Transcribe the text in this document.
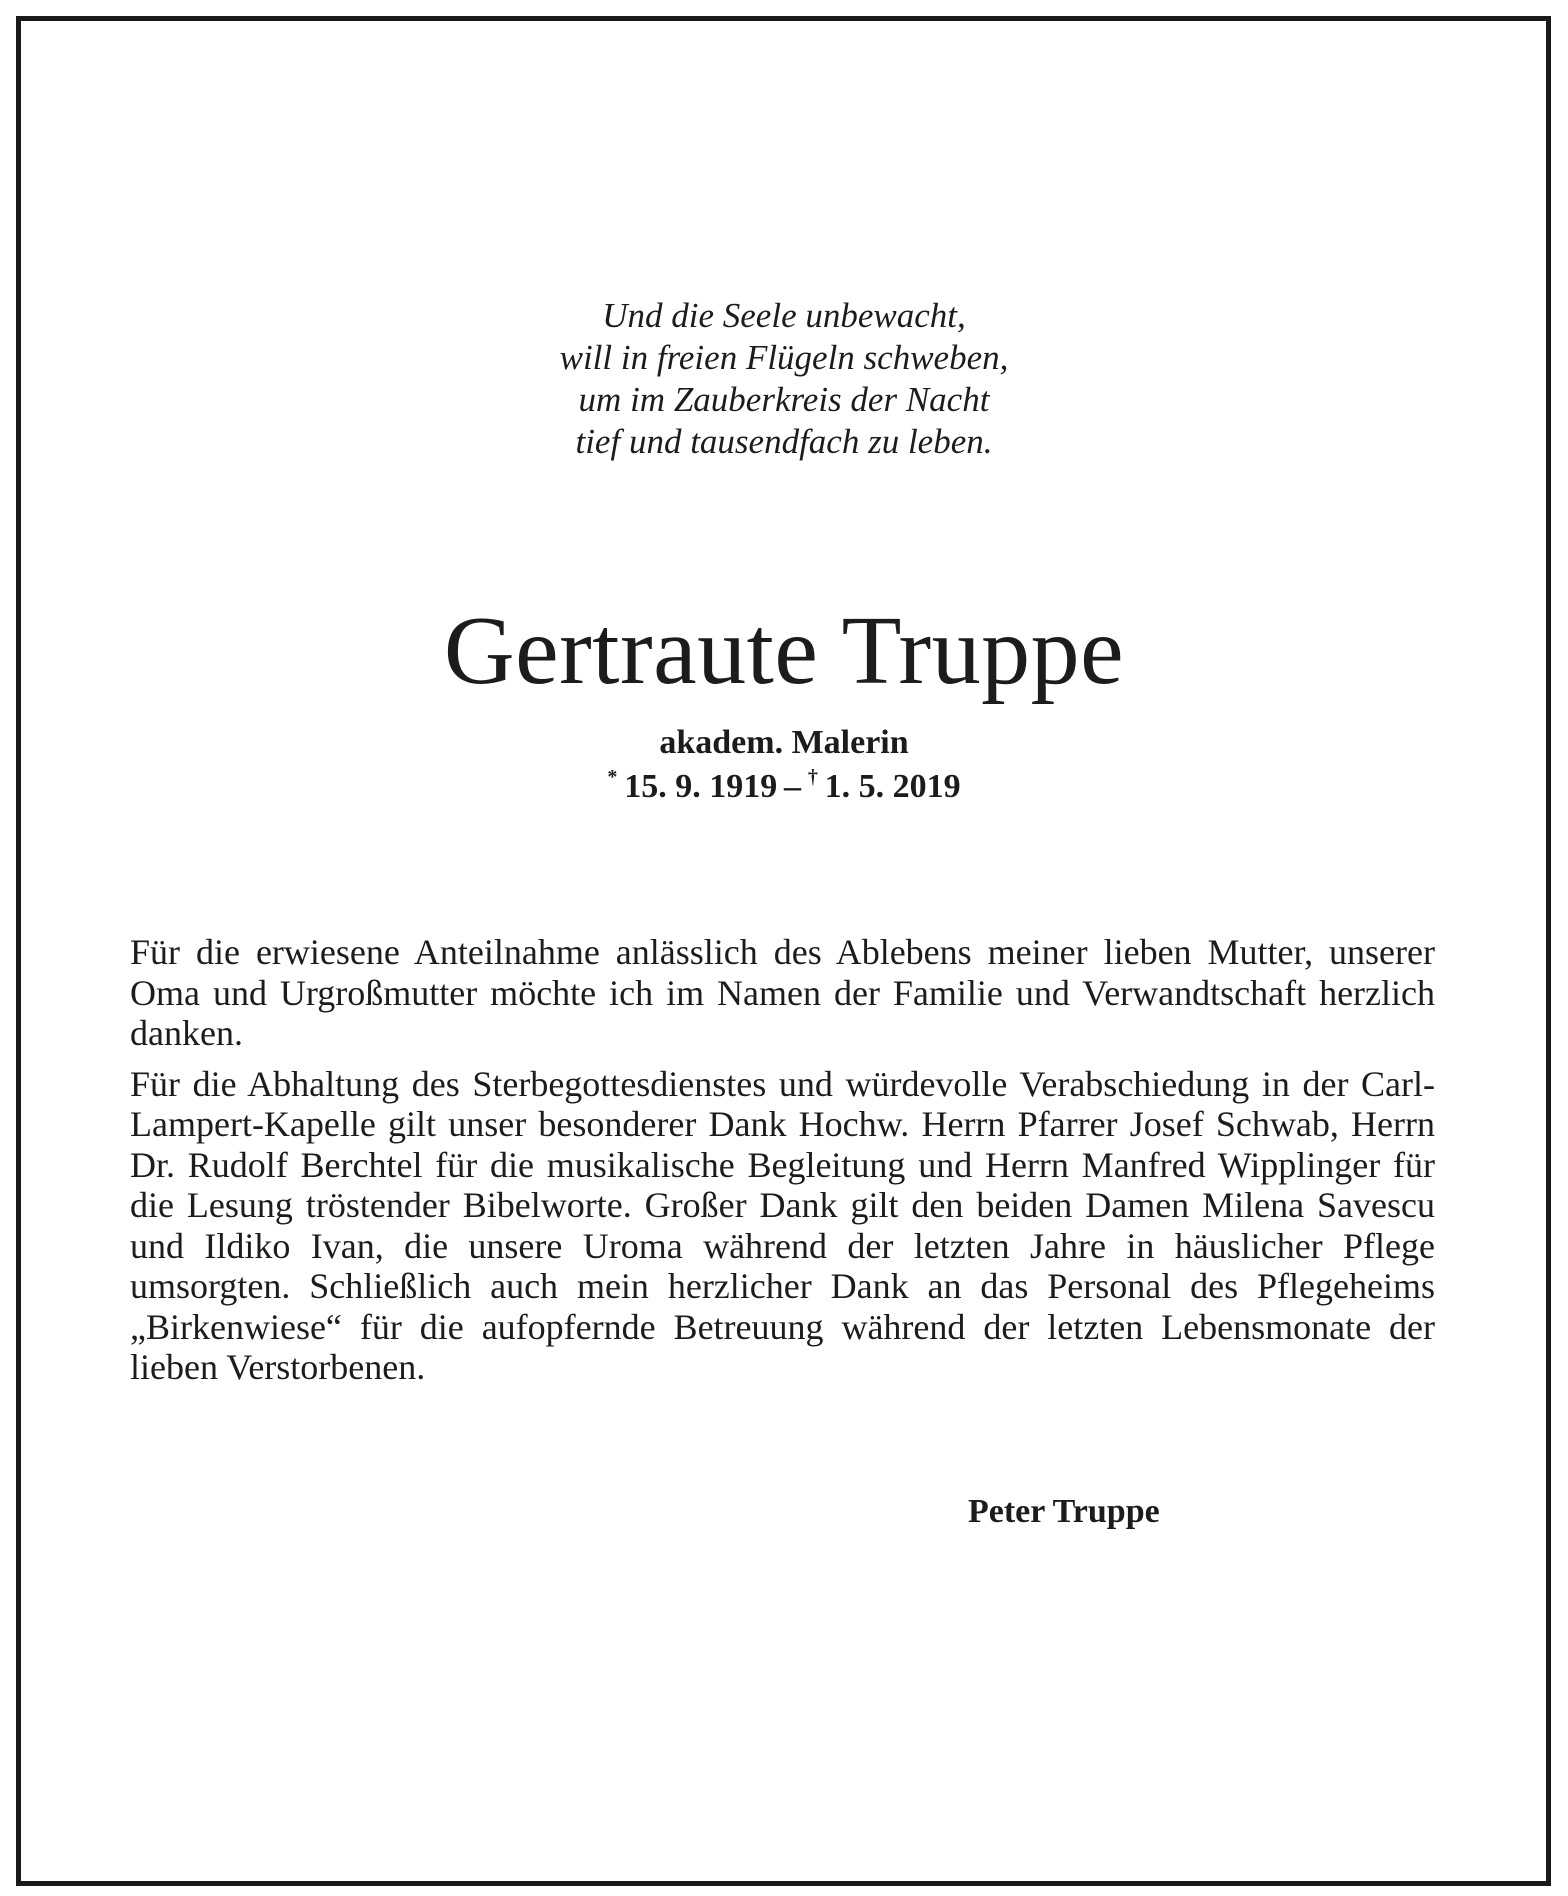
Und die Seele unbewacht,
will in freien Flügeln schweben,
um im Zauberkreis der Nacht
tief und tausendfach zu leben.
Gertraute Truppe
akadem. Malerin
*  15. 9. 1919  –  †  1. 5. 2019

Für die erwiesene Anteilnahme anlässlich des Ablebens meiner lieben Mutter, unserer Oma und Urgroßmutter möchte ich im Namen der Familie und Verwandtschaft herzlich danken.

Für die Abhaltung des Sterbegottesdienstes und würdevolle Verabschiedung in der Carl-Lampert-Kapelle gilt unser besonderer Dank Hochw. Herrn Pfarrer Josef Schwab, Herrn Dr. Rudolf Berchtel für die musikalische Begleitung und Herrn Manfred Wipplinger für die Lesung tröstender Bibelworte. Großer Dank gilt den beiden Damen Milena Savescu und Ildiko Ivan, die unsere Uroma während der letzten Jahre in häuslicher Pflege umsorgten. Schließlich auch mein herzlicher Dank an das Personal des Pflegeheims „Birkenwiese“ für die aufopfernde Betreuung während der letzten Lebensmonate der lieben Verstorbenen.

Peter Truppe
